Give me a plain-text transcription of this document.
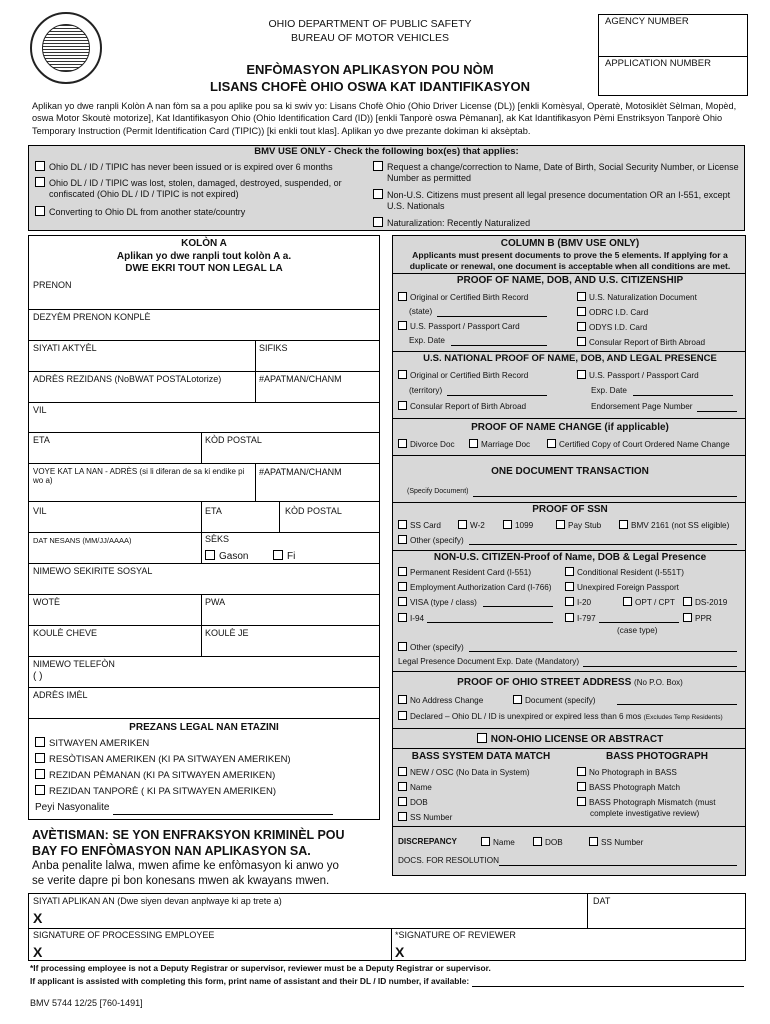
OHIO DEPARTMENT OF PUBLIC SAFETY
BUREAU OF MOTOR VEHICLES
ENFÒMASYON APLIKASYON POU NÒM
LISANS CHOFÈ OHIO OSWA KAT IDANTIFIKASYON
AGENCY NUMBER
APPLICATION NUMBER
Aplikan yo dwe ranpli Kolòn A nan fòm sa a pou aplike pou sa ki swiv yo: Lisans Chofè Ohio (Ohio Driver License (DL)) [enkli Komèsyal, Operatè, Motosiklèt Sèlman, Mopèd, oswa Motor Skoutè motorize], Kat Idantifikasyon Ohio (Ohio Identification Card (ID)) [enkli Tanporè oswa Pèmanan], ak Kat Idantifikasyon Pèmi Enstriksyon Tanporè Ohio Temporary Instruction (Permit Identification Card (TIPIC)) [ki enkli tout klas]. Aplikan yo dwe prezante dokiman ki aksèptab.
BMV USE ONLY - Check the following box(es) that applies:
Ohio DL / ID / TIPIC has never been issued or is expired over 6 months
Ohio DL / ID / TIPIC was lost, stolen, damaged, destroyed, suspended, or confiscated (Ohio DL / ID / TIPIC is not expired)
Converting to Ohio DL from another state/country
Request a change/correction to Name, Date of Birth, Social Security Number, or License Number as permitted
Non-U.S. Citizens must present all legal presence documentation OR an I-551, except U.S. Nationals
Naturalization: Recently Naturalized
KOLÒN A
Aplikan yo dwe ranpli tout kolòn A a.
DWE EKRI TOUT NON LEGAL LA
PRENON
DEZYÈM PRENON KONPLÈ
SIYATI AKTYÈL	SIFIKS
ADRÈS REZIDANS (NoBWAT POSTALotorize)	#APATMAN/CHANM
VIL
ETA	KÒD POSTAL
VOYE KAT LA NAN - ADRÈS (si li diferan de sa ki endike pi wo a)
#APATMAN/CHANM
VIL	ETA	KÒD POSTAL
DAT NESANS (MM/JJ/AAAA)	SÈKS
Gason	Fi
NIMEWO SEKIRITE SOSYAL
WOTÈ	PWA
KOULÈ CHEVE	KOULÈ JE
NIMEWO TELEFÒN
( )
ADRÈS IMÈL
PREZANS LEGAL NAN ETAZINI
SITWAYEN AMERIKEN
RESÒTISAN AMERIKEN (KI PA SITWAYEN AMERIKEN)
REZIDAN PÈMANAN (KI PA SITWAYEN AMERIKEN)
REZIDAN TANPORÈ ( KI PA SITWAYEN AMERIKEN)
Peyi Nasyonalite
AVÈTISMAN: SE YON ENFRAKSYON KRIMINÈL POU
BAY FO ENFÒMASYON NAN APLIKASYON SA.
Anba penalite lalwa, mwen afime ke enfòmasyon ki anwo yo
se verite dapre pi bon konesans mwen ak kwayans mwen.
COLUMN B (BMV USE ONLY)
Applicants must present documents to prove the 5 elements. If applying for a
duplicate or renewal, one document is acceptable when all conditions are met.
PROOF OF NAME, DOB, AND U.S. CITIZENSHIP
Original or Certified Birth Record
(state)
U.S. Passport / Passport Card
Exp. Date
U.S. Naturalization Document
ODRC I.D. Card
ODYS I.D. Card
Consular Report of Birth Abroad
U.S. NATIONAL PROOF OF NAME, DOB, AND LEGAL PRESENCE
Original or Certified Birth Record
(territory)
Consular Report of Birth Abroad
U.S. Passport / Passport Card
Exp. Date
Endorsement Page Number
PROOF OF NAME CHANGE (if applicable)
Divorce Doc	Marriage Doc	Certified Copy of Court Ordered Name Change
ONE DOCUMENT TRANSACTION
(Specify Document)
PROOF OF SSN
SS Card	W-2	1099	Pay Stub	BMV 2161 (not SS eligible)
Other (specify)
NON-U.S. CITIZEN-Proof of Name, DOB & Legal Presence
Permanent Resident Card (I-551)
Employment Authorization Card (I-766)
VISA (type / class)
I-94
Conditional Resident (I-551T)
Unexpired Foreign Passport
I-20	OPT / CPT	DS-2019
I-797	PPR
(case type)
Other (specify)
Legal Presence Document Exp. Date (Mandatory)
PROOF OF OHIO STREET ADDRESS (No P.O. Box)
No Address Change	Document (specify)
Declared – Ohio DL / ID is unexpired or expired less than 6 mos (Excludes Temp Residents)
NON-OHIO LICENSE OR ABSTRACT
BASS SYSTEM DATA MATCH	BASS PHOTOGRAPH
NEW / OSC (No Data in System)
Name
DOB
SS Number
No Photograph in BASS
BASS Photograph Match
BASS Photograph Mismatch (must
complete investigative review)
DISCREPANCY	Name	DOB	SS Number
DOCS. FOR RESOLUTION
SIYATI APLIKAN AN (Dwe siyen devan anplwaye ki ap trete a)
X
DAT
SIGNATURE OF PROCESSING EMPLOYEE
X
*SIGNATURE OF REVIEWER
X
*If processing employee is not a Deputy Registrar or supervisor, reviewer must be a Deputy Registrar or supervisor.
If applicant is assisted with completing this form, print name of assistant and their DL / ID number, if available:
BMV 5744 12/25 [760-1491]
